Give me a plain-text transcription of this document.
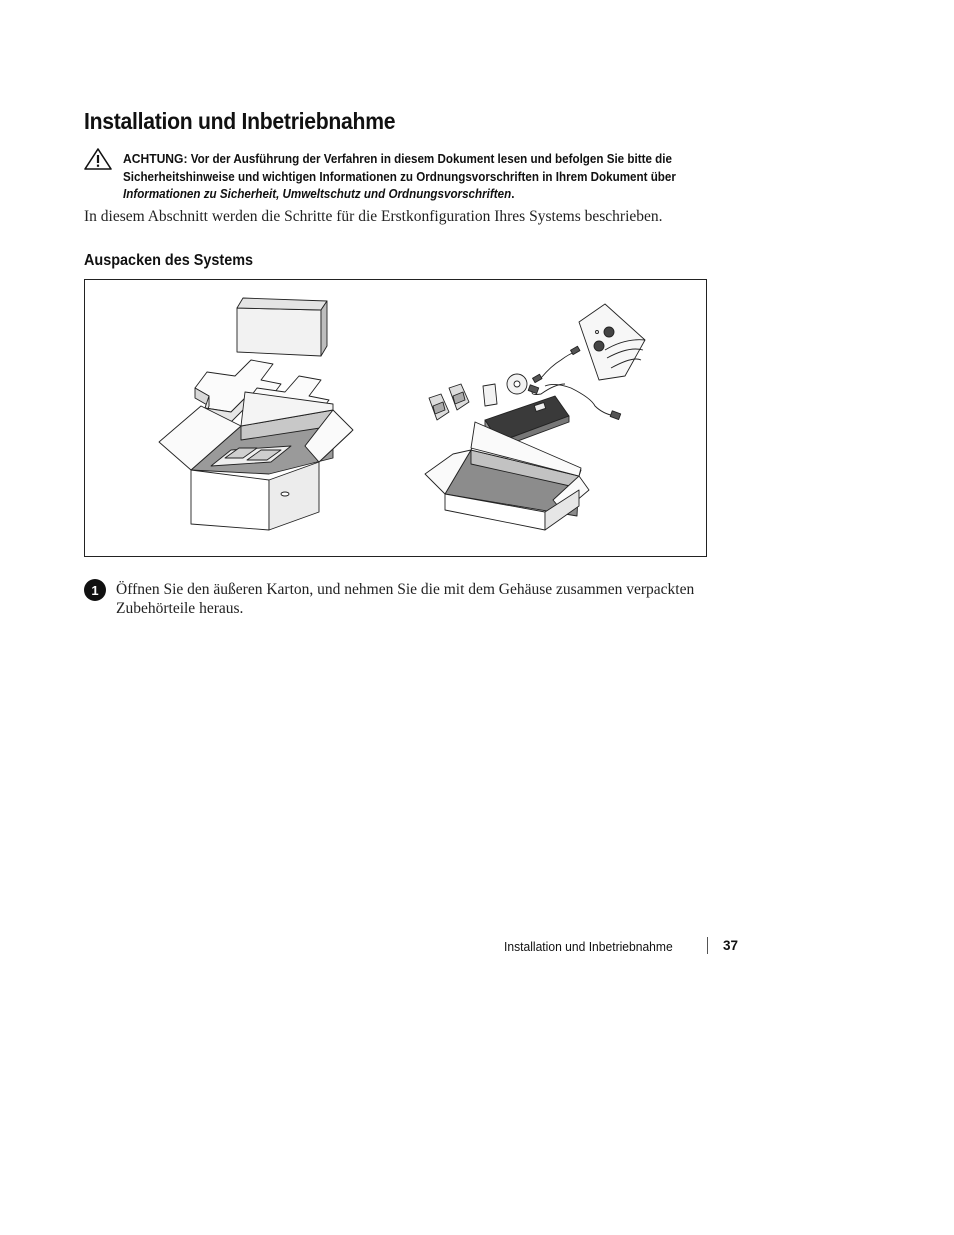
Installation und Inbetriebnahme
ACHTUNG: Vor der Ausführung der Verfahren in diesem Dokument lesen und befolgen Sie bitte die Sicherheitshinweise und wichtigen Informationen zu Ordnungsvorschriften in Ihrem Dokument über Informationen zu Sicherheit, Umweltschutz und Ordnungsvorschriften.
In diesem Abschnitt werden die Schritte für die Erstkonfiguration Ihres Systems beschrieben.
Auspacken des Systems
1	Öffnen Sie den äußeren Karton, und nehmen Sie die mit dem Gehäuse zusammen verpackten Zubehörteile heraus.
Installation und Inbetriebnahme	37
